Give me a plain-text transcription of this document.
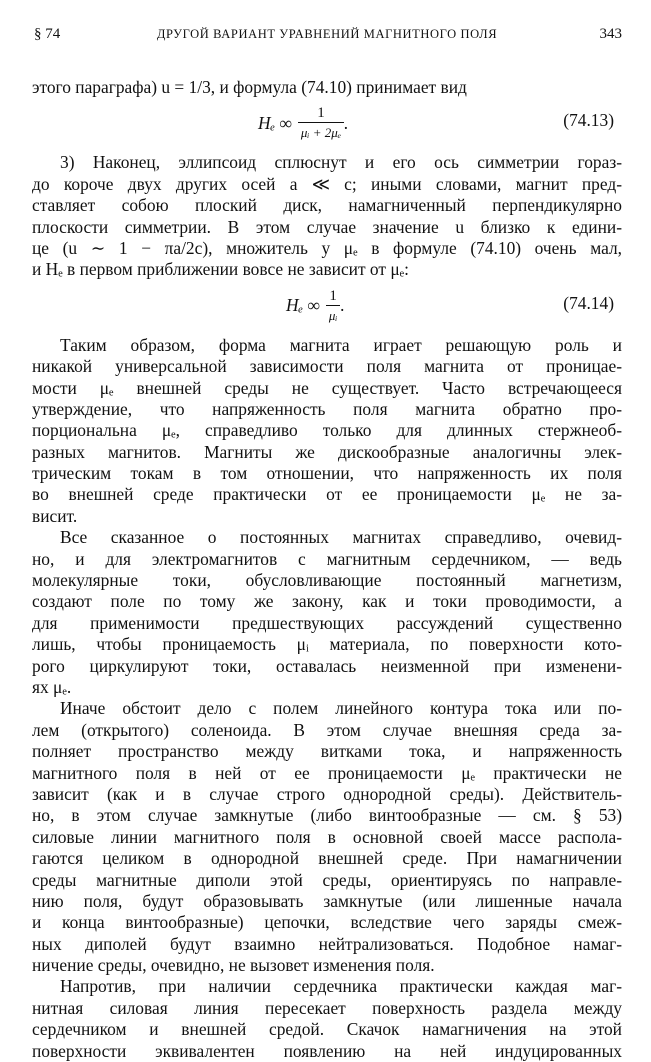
§ 74	ДРУГОЙ ВАРИАНТ УРАВНЕНИЙ МАГНИТНОГО ПОЛЯ	343
этого параграфа) u = 1/3, и формула (74.10) принимает вид
Hₑ ∞ $\frac{1}{\text{μᵢ + 2μₑ}}$ .	(74.13)
3) Наконец, эллипсоид сплюснут и его ось симметрии гораз-
до короче двух других осей a ≪ c; иными словами, магнит пред-
ставляет собою плоский диск, намагниченный перпендикулярно
плоскости симметрии. В этом случае значение u близко к едини-
це (u ∼ 1 − πa/2c), множитель у μₑ в формуле (74.10) очень мал,
и Hₑ в первом приближении вовсе не зависит от μₑ:
Hₑ ∞ $\frac{1}{\text{μᵢ}}$ .	(74.14)
Таким образом, форма магнита играет решающую роль и
никакой универсальной зависимости поля магнита от проницае-
мости μₑ внешней среды не существует. Часто встречающееся
утверждение, что напряженность поля магнита обратно про-
порциональна μₑ, справедливо только для длинных стержнеоб-
разных магнитов. Магниты же дискообразные аналогичны элек-
трическим токам в том отношении, что напряженность их поля
во внешней среде практически от ее проницаемости μₑ не за-
висит.
Все сказанное о постоянных магнитах справедливо, очевид-
но, и для электромагнитов с магнитным сердечником, — ведь
молекулярные токи, обусловливающие постоянный магнетизм,
создают поле по тому же закону, как и токи проводимости, а
для применимости предшествующих рассуждений существенно
лишь, чтобы проницаемость μᵢ материала, по поверхности кото-
рого циркулируют токи, оставалась неизменной при изменени-
ях μₑ.
Иначе обстоит дело с полем линейного контура тока или по-
лем (открытого) соленоида. В этом случае внешняя среда за-
полняет пространство между витками тока, и напряженность
магнитного поля в ней от ее проницаемости μₑ практически не
зависит (как и в случае строго однородной среды). Действитель-
но, в этом случае замкнутые (либо винтообразные — см. § 53)
силовые линии магнитного поля в основной своей массе распола-
гаются целиком в однородной внешней среде. При намагничении
среды магнитные диполи этой среды, ориентируясь по направле-
нию поля, будут образовывать замкнутые (или лишенные начала
и конца винтообразные) цепочки, вследствие чего заряды смеж-
ных диполей будут взаимно нейтрализоваться. Подобное намаг-
ничение среды, очевидно, не вызовет изменения поля.
Напротив, при наличии сердечника практически каждая маг-
нитная силовая линия пересекает поверхность раздела между
сердечником и внешней средой. Скачок намагничения на этой
поверхности эквивалентен появлению на ней индуцированных
